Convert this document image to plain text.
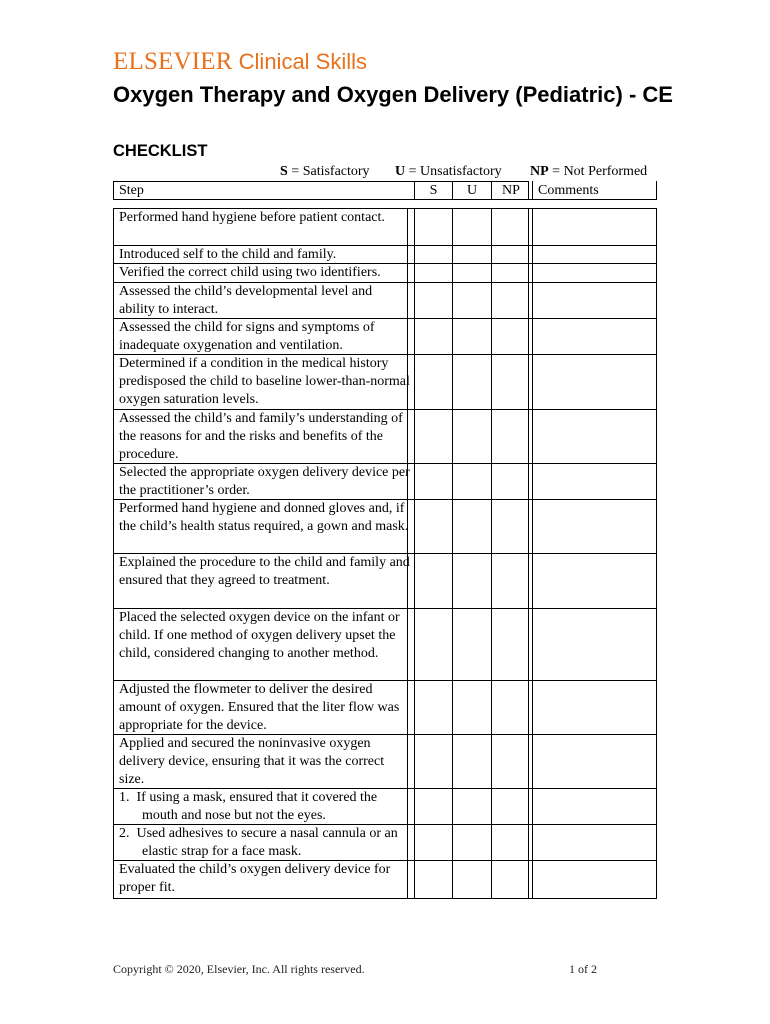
ELSEVIER Clinical Skills
Oxygen Therapy and Oxygen Delivery (Pediatric) - CE
CHECKLIST
S = Satisfactory U = Unsatisfactory NP = Not Performed
Step	S	U	NP	Comments
Performed hand hygiene before patient contact.
Introduced self to the child and family.
Verified the correct child using two identifiers.
Assessed the child’s developmental level and ability to interact.
Assessed the child for signs and symptoms of inadequate oxygenation and ventilation.
Determined if a condition in the medical history predisposed the child to baseline lower-than-normal oxygen saturation levels.
Assessed the child’s and family’s understanding of the reasons for and the risks and benefits of the procedure.
Selected the appropriate oxygen delivery device per the practitioner’s order.
Performed hand hygiene and donned gloves and, if the child’s health status required, a gown and mask.
Explained the procedure to the child and family and ensured that they agreed to treatment.
Placed the selected oxygen device on the infant or child. If one method of oxygen delivery upset the child, considered changing to another method.
Adjusted the flowmeter to deliver the desired amount of oxygen. Ensured that the liter flow was appropriate for the device.
Applied and secured the noninvasive oxygen delivery device, ensuring that it was the correct size.
1.  If using a mask, ensured that it covered the mouth and nose but not the eyes.
2.  Used adhesives to secure a nasal cannula or an elastic strap for a face mask.
Evaluated the child’s oxygen delivery device for proper fit.
Copyright © 2020, Elsevier, Inc. All rights reserved.	1 of 2
